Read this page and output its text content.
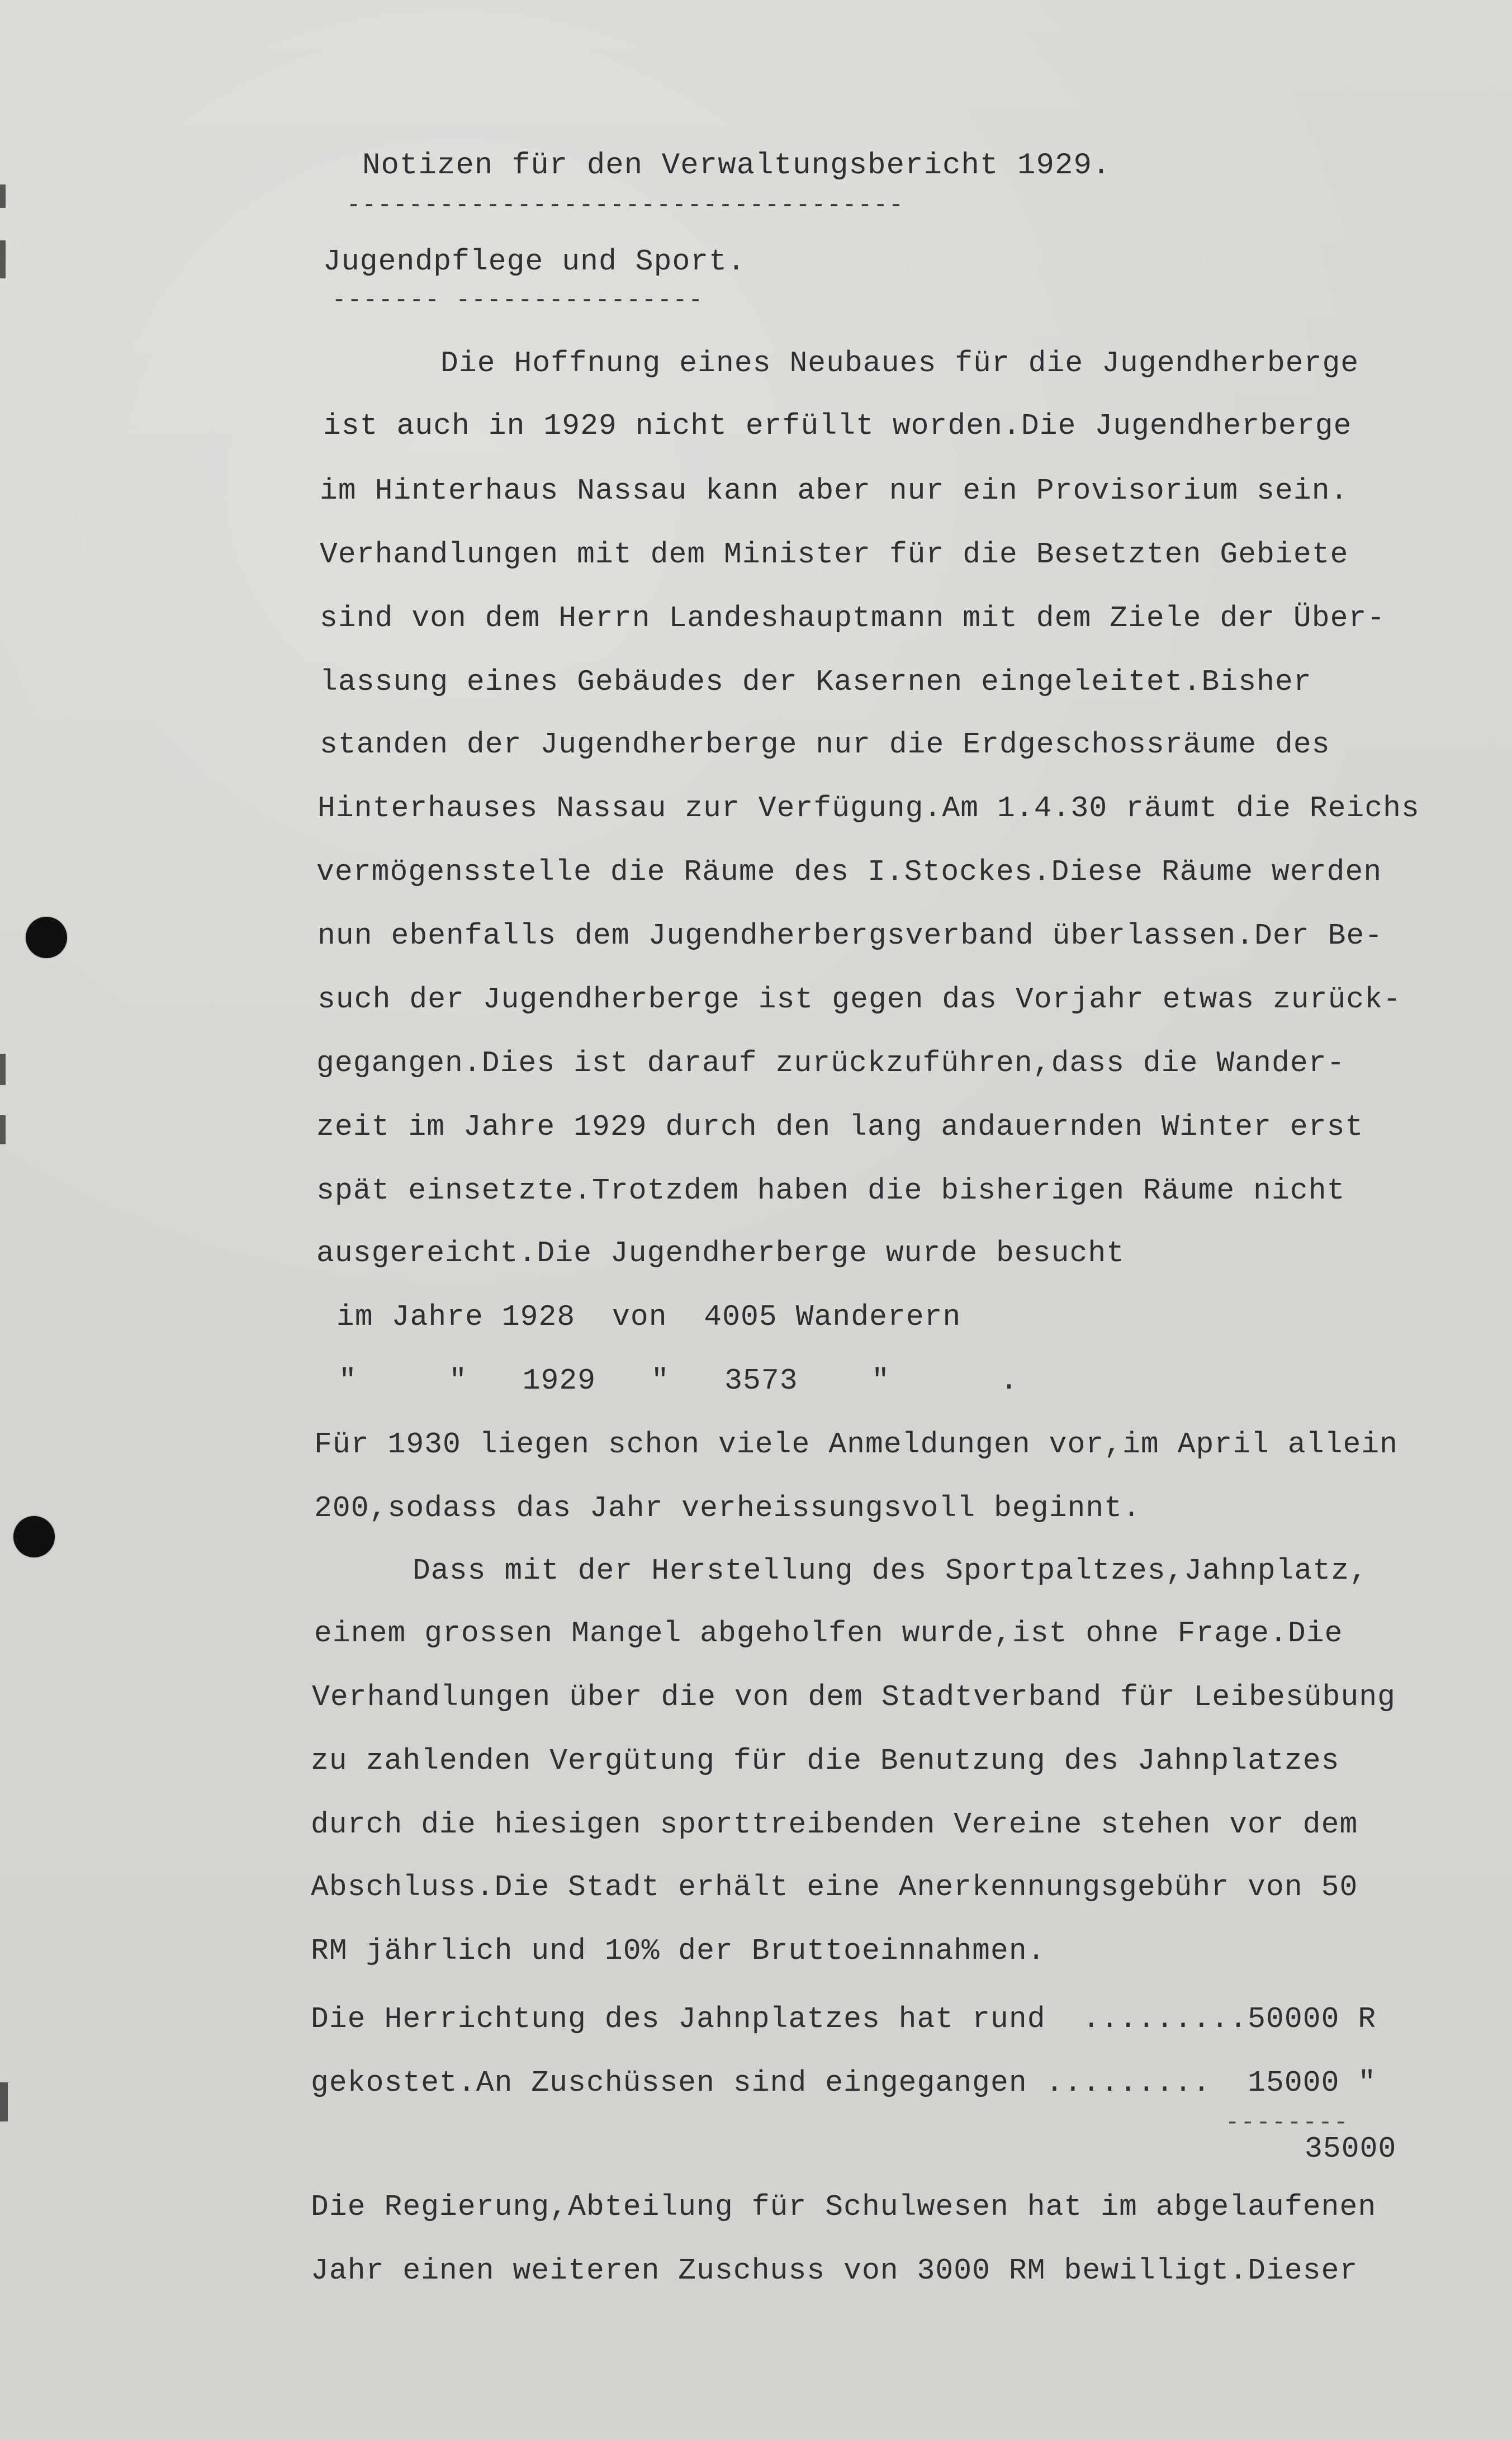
Notizen für den Verwaltungsbericht 1929.
------------------------------------
Jugendpflege und Sport.
------- ----------------
Die Hoffnung eines Neubaues für die Jugendherberge
ist auch in 1929 nicht erfüllt worden.Die Jugendherberge
im Hinterhaus Nassau kann aber nur ein Provisorium sein.
Verhandlungen mit dem Minister für die Besetzten Gebiete
sind von dem Herrn Landeshauptmann mit dem Ziele der Über-
lassung eines Gebäudes der Kasernen eingeleitet.Bisher
standen der Jugendherberge nur die Erdgeschossräume des
Hinterhauses Nassau zur Verfügung.Am 1.4.30 räumt die Reichs
vermögensstelle die Räume des I.Stockes.Diese Räume werden
nun ebenfalls dem Jugendherbergsverband überlassen.Der Be-
such der Jugendherberge ist gegen das Vorjahr etwas zurück-
gegangen.Dies ist darauf zurückzuführen,dass die Wander-
zeit im Jahre 1929 durch den lang andauernden Winter erst
spät einsetzte.Trotzdem haben die bisherigen Räume nicht
ausgereicht.Die Jugendherberge wurde besucht
im Jahre 1928  von  4005 Wanderern
"     "   1929   "   3573    "      .
Für 1930 liegen schon viele Anmeldungen vor,im April allein
200,sodass das Jahr verheissungsvoll beginnt.
Dass mit der Herstellung des Sportpaltzes,Jahnplatz,
einem grossen Mangel abgeholfen wurde,ist ohne Frage.Die
Verhandlungen über die von dem Stadtverband für Leibesübung
zu zahlenden Vergütung für die Benutzung des Jahnplatzes
durch die hiesigen sporttreibenden Vereine stehen vor dem
Abschluss.Die Stadt erhält eine Anerkennungsgebühr von 50
RM jährlich und 10% der Bruttoeinnahmen.
Die Herrichtung des Jahnplatzes hat rund  .........50000 R
gekostet.An Zuschüssen sind eingegangen .........  15000 "
--------
35000
Die Regierung,Abteilung für Schulwesen hat im abgelaufenen
Jahr einen weiteren Zuschuss von 3000 RM bewilligt.Dieser
